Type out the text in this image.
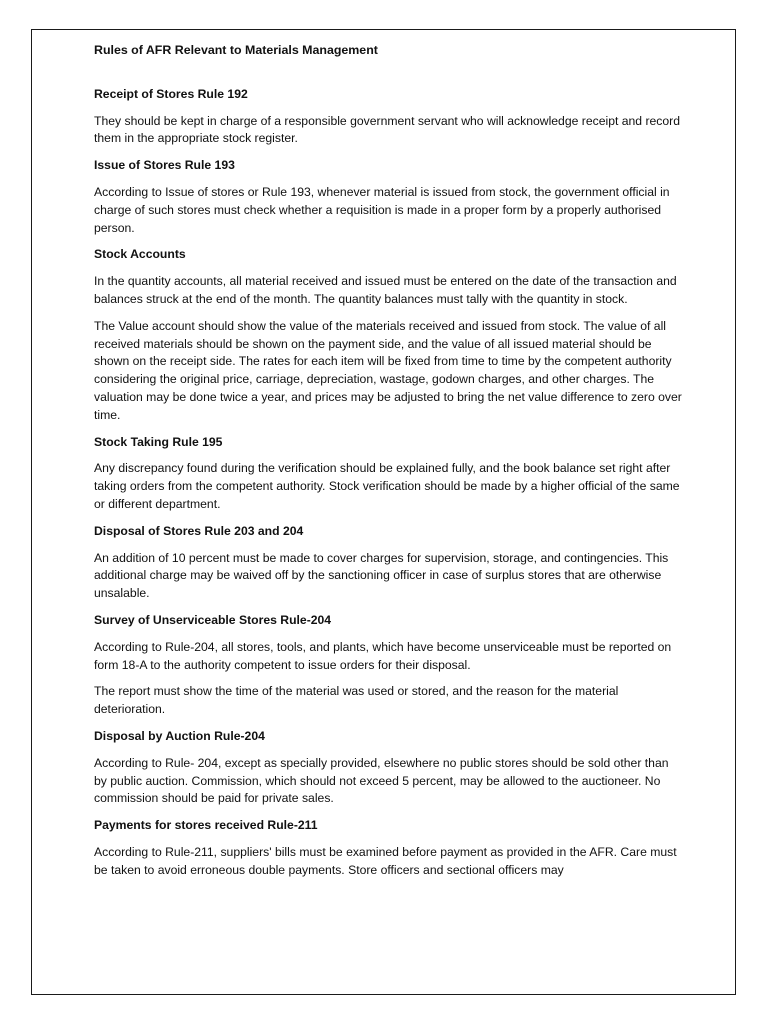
Rules of AFR Relevant to Materials Management
Receipt of Stores Rule 192
They should be kept in charge of a responsible government servant who will acknowledge receipt and record them in the appropriate stock register.
Issue of Stores Rule 193
According to Issue of stores or Rule 193, whenever material is issued from stock, the government official in charge of such stores must check whether a requisition is made in a proper form by a properly authorised person.
Stock Accounts
In the quantity accounts, all material received and issued must be entered on the date of the transaction and balances struck at the end of the month. The quantity balances must tally with the quantity in stock.
The Value account should show the value of the materials received and issued from stock. The value of all received materials should be shown on the payment side, and the value of all issued material should be shown on the receipt side. The rates for each item will be fixed from time to time by the competent authority considering the original price, carriage, depreciation, wastage, godown charges, and other charges. The valuation may be done twice a year, and prices may be adjusted to bring the net value difference to zero over time.
Stock Taking Rule 195
Any discrepancy found during the verification should be explained fully, and the book balance set right after taking orders from the competent authority. Stock verification should be made by a higher official of the same or different department.
Disposal of Stores Rule 203 and 204
An addition of 10 percent must be made to cover charges for supervision, storage, and contingencies. This additional charge may be waived off by the sanctioning officer in case of surplus stores that are otherwise unsalable.
Survey of Unserviceable Stores Rule-204
According to Rule-204, all stores, tools, and plants, which have become unserviceable must be reported on form 18-A to the authority competent to issue orders for their disposal.
The report must show the time of the material was used or stored, and the reason for the material deterioration.
Disposal by Auction Rule-204
According to Rule- 204, except as specially provided, elsewhere no public stores should be sold other than by public auction. Commission, which should not exceed 5 percent, may be allowed to the auctioneer. No commission should be paid for private sales.
Payments for stores received Rule-211
According to Rule-211, suppliers' bills must be examined before payment as provided in the AFR. Care must be taken to avoid erroneous double payments. Store officers and sectional officers may
